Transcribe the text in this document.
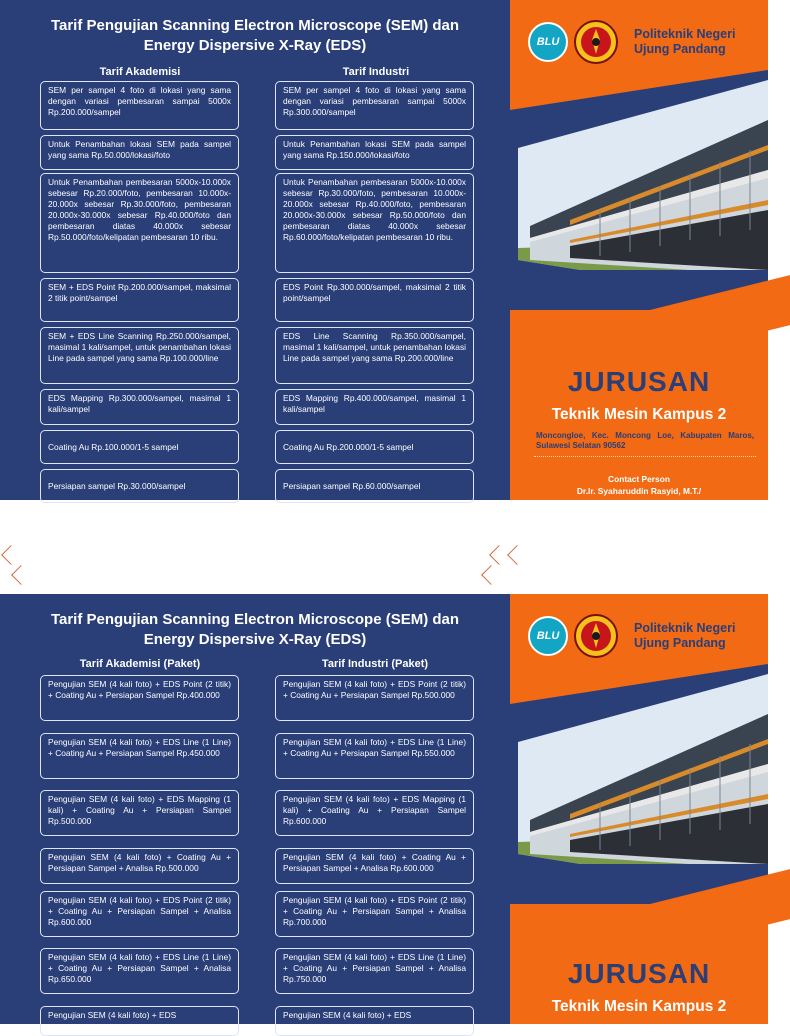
Tarif Pengujian Scanning Electron Microscope (SEM) dan
Energy Dispersive X-Ray (EDS)
Tarif Akademisi	Tarif Industri
SEM per sampel 4 foto di lokasi yang sama dengan variasi pembesaran sampai 5000x Rp.200.000/sampel
Untuk Penambahan lokasi SEM pada sampel yang sama Rp.50.000/lokasi/foto
Untuk Penambahan pembesaran 5000x-10.000x sebesar Rp.20.000/foto, pembesaran 10.000x-20.000x sebesar Rp.30.000/foto, pembesaran 20.000x-30.000x sebesar Rp.40.000/foto dan pembesaran diatas 40.000x sebesar Rp.50.000/foto/kelipatan pembesaran 10 ribu.
SEM + EDS Point Rp.200.000/sampel, maksimal 2 titik point/sampel
SEM + EDS Line Scanning Rp.250.000/sampel, masimal 1 kali/sampel, untuk penambahan lokasi Line pada sampel yang sama Rp.100.000/line
EDS Mapping Rp.300.000/sampel, masimal 1 kali/sampel
Coating Au Rp.100.000/1-5 sampel
Persiapan sampel Rp.30.000/sampel
SEM per sampel 4 foto di lokasi yang sama dengan variasi pembesaran sampai 5000x Rp.300.000/sampel
Untuk Penambahan lokasi SEM pada sampel yang sama Rp.150.000/lokasi/foto
Untuk Penambahan pembesaran 5000x-10.000x sebesar Rp.30.000/foto, pembesaran 10.000x-20.000x sebesar Rp.40.000/foto, pembesaran 20.000x-30.000x sebesar Rp.50.000/foto dan pembesaran diatas 40.000x sebesar Rp.60.000/foto/kelipatan pembesaran 10 ribu.
EDS Point Rp.300.000/sampel, maksimal 2 titik point/sampel
EDS Line Scanning Rp.350.000/sampel, masimal 1 kali/sampel, untuk penambahan lokasi Line pada sampel yang sama Rp.200.000/line
EDS Mapping Rp.400.000/sampel, masimal 1 kali/sampel
Coating Au Rp.200.000/1-5 sampel
Persiapan sampel Rp.60.000/sampel
Kami hanya menerima sampel padat baik yang bersifat konduktif maupun non konduktif. Kondisi sampel harus bersih dan kering (sampel basah tidak bisa di SEM). Untuk sampel non konduktif diwajibkan untuk dicoating dan untuk sampel semi konduktif disarankan untuk di coating juga.
BLU
Politeknik Negeri
Ujung Pandang
JURUSAN
Teknik Mesin Kampus 2
Moncongloe, Kec. Moncong Loe, Kabupaten Maros, Sulawesi Selatan 90562
Contact Person
Dr.Ir. Syaharuddin Rasyid, M.T./
Ahmad Nurul Muttaqin, S.S.T., M.T.
Mobile Phone: 081354933670/082234777527
Email: syaharuddinrasyid@poliupg.ac.id/
ahmadnurulmuttaqin@poliupg.ac.id
Tarif Pengujian Scanning Electron Microscope (SEM) dan
Energy Dispersive X-Ray (EDS)
Tarif Akademisi (Paket)	Tarif Industri (Paket)
Pengujian SEM (4 kali foto) + EDS Point (2 titik) + Coating Au + Persiapan Sampel Rp.400.000
Pengujian SEM (4 kali foto) + EDS Line (1 Line) + Coating Au + Persiapan Sampel Rp.450.000
Pengujian SEM (4 kali foto) + EDS Mapping (1 kali) + Coating Au + Persiapan Sampel Rp.500.000
Pengujian SEM (4 kali foto) + Coating Au + Persiapan Sampel + Analisa Rp.500.000
Pengujian SEM (4 kali foto) + EDS Point (2 titik) + Coating Au + Persiapan Sampel + Analisa Rp.600.000
Pengujian SEM (4 kali foto) + EDS Line (1 Line) + Coating Au + Persiapan Sampel + Analisa Rp.650.000
Pengujian SEM (4 kali foto) + EDS
Pengujian SEM (4 kali foto) + EDS Point (2 titik) + Coating Au + Persiapan Sampel Rp.500.000
Pengujian SEM (4 kali foto) + EDS Line (1 Line) + Coating Au + Persiapan Sampel Rp.550.000
Pengujian SEM (4 kali foto) + EDS Mapping (1 kali) + Coating Au + Persiapan Sampel Rp.600.000
Pengujian SEM (4 kali foto) + Coating Au + Persiapan Sampel + Analisa Rp.600.000
Pengujian SEM (4 kali foto) + EDS Point (2 titik) + Coating Au + Persiapan Sampel + Analisa Rp.700.000
Pengujian SEM (4 kali foto) + EDS Line (1 Line) + Coating Au + Persiapan Sampel + Analisa Rp.750.000
Pengujian SEM (4 kali foto) + EDS
BLU
Politeknik Negeri
Ujung Pandang
JURUSAN
Teknik Mesin Kampus 2
